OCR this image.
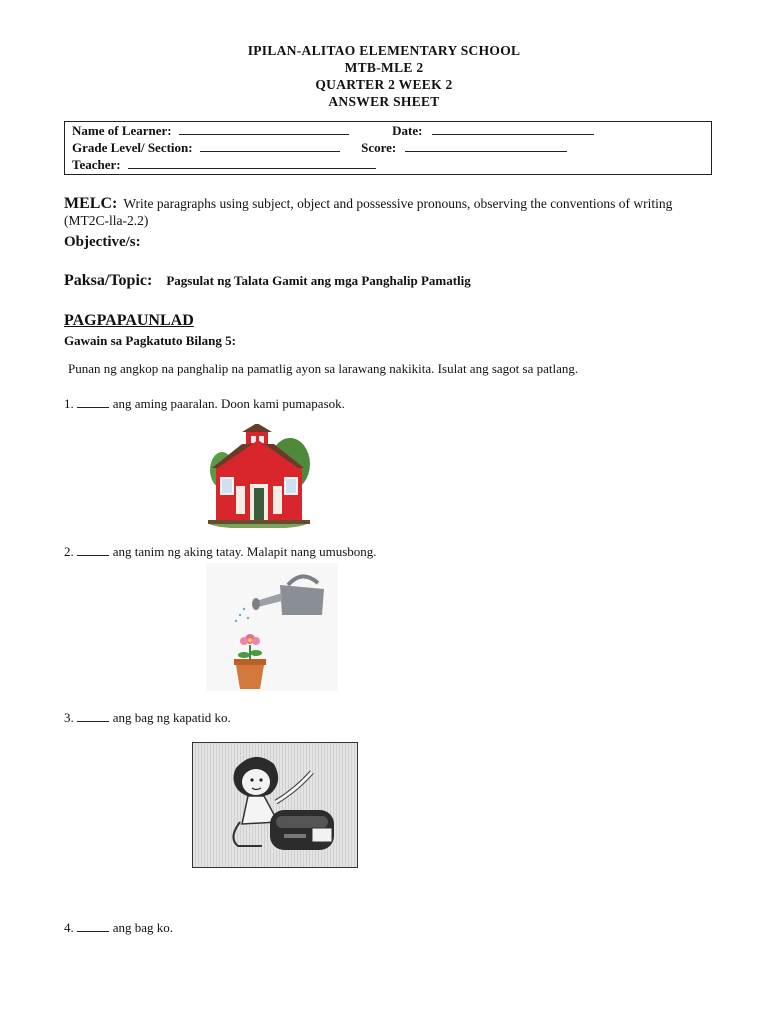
IPILAN-ALITAO ELEMENTARY SCHOOL
MTB-MLE 2
QUARTER 2 WEEK 2
ANSWER SHEET
Name of Learner:	Date:
Grade Level/ Section:	Score:
Teacher:
MELC: Write paragraphs using subject, object and possessive pronouns, observing the conventions of writing (MT2C-lla-2.2)
Objective/s:
Paksa/Topic: Pagsulat ng Talata Gamit ang mga Panghalip Pamatlig
PAGPAPAUNLAD
Gawain sa Pagkatuto Bilang 5:
Punan ng angkop na panghalip na pamatlig ayon sa larawang nakikita. Isulat ang sagot sa patlang.
1.	ang aming paaralan. Doon kami pumapasok.
2.	ang tanim ng aking tatay. Malapit nang umusbong.
3.	ang bag ng kapatid ko.
4.	ang bag ko.
